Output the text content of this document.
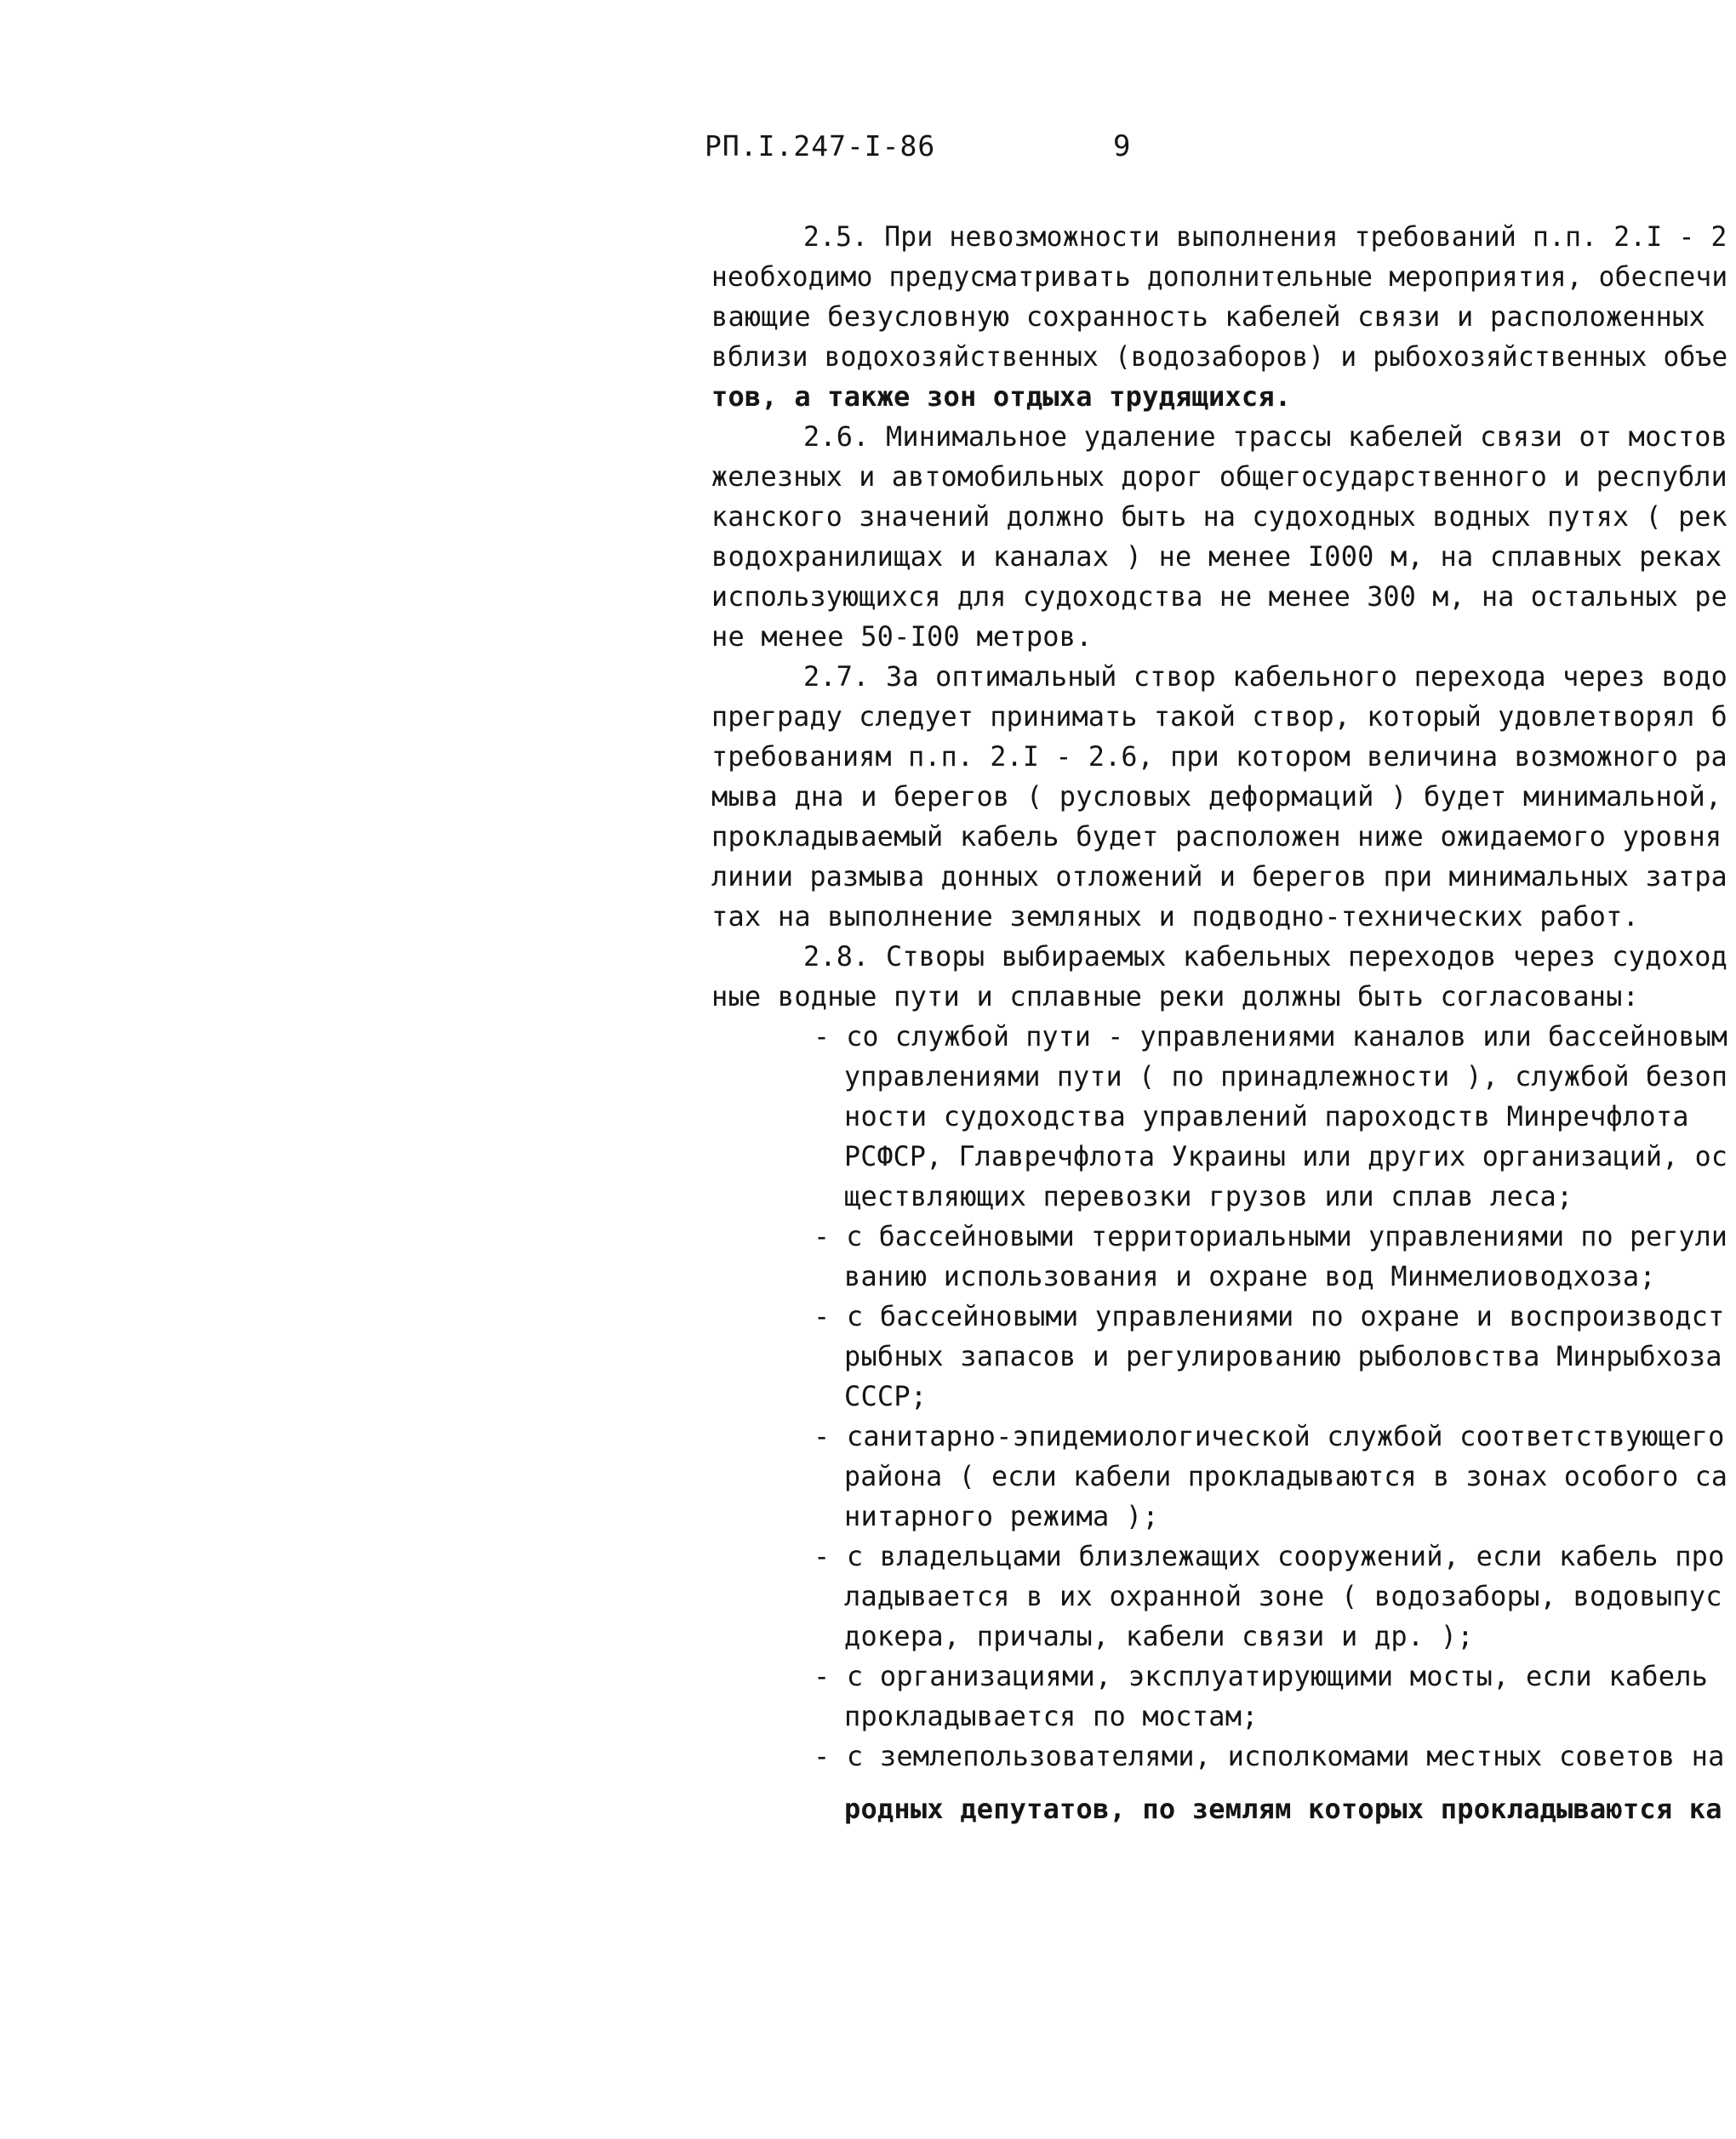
РП.I.247-I-86	9
2.5. При невозможности выполнения требований п.п. 2.I - 2
необходимо предусматривать дополнительные мероприятия, обеспечи
вающие безусловную сохранность кабелей связи и расположенных
вблизи водохозяйственных (водозаборов) и рыбохозяйственных объе
тов, а также зон отдыха трудящихся.
2.6. Минимальное удаление трассы кабелей связи от мостов
железных и автомобильных дорог общегосударственного и республи
канского значений должно быть на судоходных водных путях ( рек
водохранилищах и каналах ) не менее I000 м, на сплавных реках
использующихся для судоходства не менее 300 м, на остальных ре
не менее 50-I00 метров.
2.7. За оптимальный створ кабельного перехода через водо
преграду следует принимать такой створ, который удовлетворял б
требованиям п.п. 2.I - 2.6, при котором величина возможного ра
мыва дна и берегов ( русловых деформаций ) будет минимальной,
прокладываемый кабель будет расположен ниже ожидаемого уровня
линии размыва донных отложений и берегов при минимальных затра
тах на выполнение земляных и подводно-технических работ.
2.8. Створы выбираемых кабельных переходов через судоход
ные водные пути и сплавные реки должны быть согласованы:
- со службой пути - управлениями каналов или бассейновым
управлениями пути ( по принадлежности ), службой безоп
ности судоходства управлений пароходств Минречфлота
РСФСР, Главречфлота Украины или других организаций, ос
ществляющих перевозки грузов или сплав леса;
- с бассейновыми территориальными управлениями по регули
ванию использования и охране вод Минмелиоводхоза;
- с бассейновыми управлениями по охране и воспроизводст
рыбных запасов и регулированию рыболовства Минрыбхоза
СССР;
- санитарно-эпидемиологической службой соответствующего
района ( если кабели прокладываются в зонах особого са
нитарного режима );
- с владельцами близлежащих сооружений, если кабель про
ладывается в их охранной зоне ( водозаборы, водовыпус
докера, причалы, кабели связи и др. );
- с организациями, эксплуатирующими мосты, если кабель
прокладывается по мостам;
- с землепользователями, исполкомами местных советов на
родных депутатов, по землям которых прокладываются ка
